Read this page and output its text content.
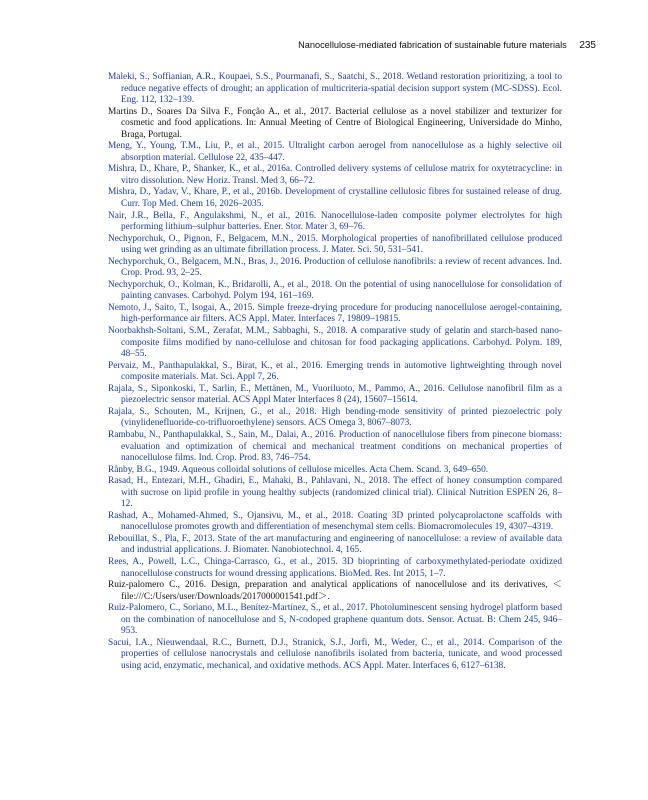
Nanocellulose-mediated fabrication of sustainable future materials 235
Maleki, S., Soffianian, A.R., Koupaei, S.S., Pourmanafi, S., Saatchi, S., 2018. Wetland restoration prioritizing, a tool to reduce negative effects of drought; an application of multicriteria-spatial decision support system (MC-SDSS). Ecol. Eng. 112, 132–139.
Martins D., Soares Da Silva F., Fonção A., et al., 2017. Bacterial cellulose as a novel stabilizer and texturizer for cosmetic and food applications. In: Annual Meeting of Centre of Biological Engineering, Universidade do Minho, Braga, Portugal.
Meng, Y., Young, T.M., Liu, P., et al., 2015. Ultralight carbon aerogel from nanocellulose as a highly selective oil absorption material. Cellulose 22, 435–447.
Mishra, D., Khare, P., Shanker, K., et al., 2016a. Controlled delivery systems of cellulose matrix for oxytetracycline: in vitro dissolution. New Horiz. Transl. Med 3, 66–72.
Mishra, D., Yadav, V., Khare, P., et al., 2016b. Development of crystalline cellulosic fibres for sustained release of drug. Curr. Top Med. Chem 16, 2026–2035.
Nair, J.R., Bella, F., Angulakshmi, N., et al., 2016. Nanocellulose-laden composite polymer electrolytes for high performing lithium–sulphur batteries. Ener. Stor. Mater 3, 69–76.
Nechyporchuk, O., Pignon, F., Belgacem, M.N., 2015. Morphological properties of nanofibrillated cellulose produced using wet grinding as an ultimate fibrillation process. J. Mater. Sci. 50, 531–541.
Nechyporchuk, O., Belgacem, M.N., Bras, J., 2016. Production of cellulose nanofibrils: a review of recent advances. Ind. Crop. Prod. 93, 2–25.
Nechyporchuk, O., Kolman, K., Bridarolli, A., et al., 2018. On the potential of using nanocellulose for consolidation of painting canvases. Carbohyd. Polym 194, 161–169.
Nemoto, J., Saito, T., Isogai, A., 2015. Simple freeze-drying procedure for producing nanocellulose aerogel-containing, high-performance air filters. ACS Appl. Mater. Interfaces 7, 19809–19815.
Noorbakhsh-Soltani, S.M., Zerafat, M.M., Sabbaghi, S., 2018. A comparative study of gelatin and starch-based nano-composite films modified by nano-cellulose and chitosan for food packaging applications. Carbohyd. Polym. 189, 48–55.
Pervaiz, M., Panthapulakkal, S., Birat, K., et al., 2016. Emerging trends in automotive lightweighting through novel composite materials. Mat. Sci. Appl 7, 26.
Rajala, S., Siponkoski, T., Sarlin, E., Mettänen, M., Vuoriluoto, M., Pammo, A., 2016. Cellulose nanofibril film as a piezoelectric sensor material. ACS Appl Mater Interfaces 8 (24), 15607–15614.
Rajala, S., Schouten, M., Krijnen, G., et al., 2018. High bending-mode sensitivity of printed piezoelectric poly (vinylidenefluoride-co-trifluoroethylene) sensors. ACS Omega 3, 8067–8073.
Rambabu, N., Panthapulakkal, S., Sain, M., Dalai, A., 2016. Production of nanocellulose fibers from pinecone biomass: evaluation and optimization of chemical and mechanical treatment conditions on mechanical properties of nanocellulose films. Ind. Crop. Prod. 83, 746–754.
Rånby, B.G., 1949. Aqueous colloidal solutions of cellulose micelles. Acta Chem. Scand. 3, 649–650.
Rasad, H., Entezari, M.H., Ghadiri, E., Mahaki, B., Pahlavani, N., 2018. The effect of honey consumption compared with sucrose on lipid profile in young healthy subjects (randomized clinical trial). Clinical Nutrition ESPEN 26, 8–12.
Rashad, A., Mohamed-Ahmed, S., Ojansivu, M., et al., 2018. Coating 3D printed polycaprolactone scaffolds with nanocellulose promotes growth and differentiation of mesenchymal stem cells. Biomacromolecules 19, 4307–4319.
Rebouillat, S., Pla, F., 2013. State of the art manufacturing and engineering of nanocellulose: a review of available data and industrial applications. J. Biomater. Nanobiotechnol. 4, 165.
Rees, A., Powell, L.C., Chinga-Carrasco, G., et al., 2015. 3D bioprinting of carboxymethylated-periodate oxidized nanocellulose constructs for wound dressing applications. BioMed. Res. Int 2015, 1–7.
Ruiz-palomero C., 2016. Design, preparation and analytical applications of nanocellulose and its derivatives, ＜file:///C:/Users/user/Downloads/2017000001541.pdf＞.
Ruiz-Palomero, C., Soriano, M.L., Benítez-Martínez, S., et al., 2017. Photoluminescent sensing hydrogel platform based on the combination of nanocellulose and S, N-codoped graphene quantum dots. Sensor. Actuat. B: Chem 245, 946–953.
Sacui, I.A., Nieuwendaal, R.C., Burnett, D.J., Stranick, S.J., Jorfi, M., Weder, C., et al., 2014. Comparison of the properties of cellulose nanocrystals and cellulose nanofibrils isolated from bacteria, tunicate, and wood processed using acid, enzymatic, mechanical, and oxidative methods. ACS Appl. Mater. Interfaces 6, 6127–6138.
